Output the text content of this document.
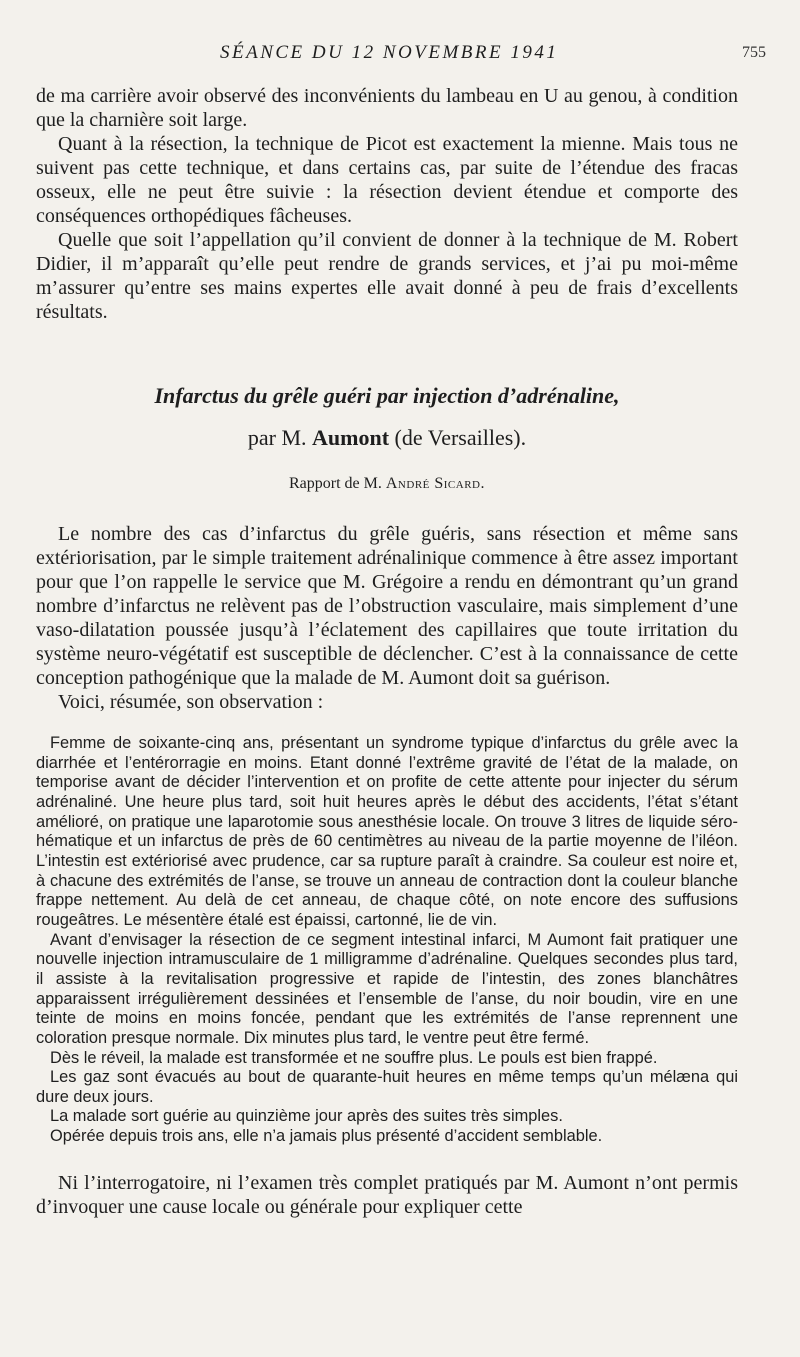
SÉANCE DU 12 NOVEMBRE 1941	755

de ma carrière avoir observé des inconvénients du lambeau en U au genou, à condition que la charnière soit large.

Quant à la résection, la technique de Picot est exactement la mienne. Mais tous ne suivent pas cette technique, et dans certains cas, par suite de l’étendue des fracas osseux, elle ne peut être suivie : la résection devient étendue et comporte des conséquences orthopédiques fâcheuses.

Quelle que soit l’appellation qu’il convient de donner à la technique de M. Robert Didier, il m’apparaît qu’elle peut rendre de grands services, et j’ai pu moi-même m’assurer qu’entre ses mains expertes elle avait donné à peu de frais d’excellents résultats.

Infarctus du grêle guéri par injection d’adrénaline,
par M. Aumont (de Versailles).
Rapport de M. André Sicard.

Le nombre des cas d’infarctus du grêle guéris, sans résection et même sans extériorisation, par le simple traitement adrénalinique commence à être assez important pour que l’on rappelle le service que M. Grégoire a rendu en démontrant qu’un grand nombre d’infarctus ne relèvent pas de l’obstruction vasculaire, mais simplement d’une vaso-dilatation poussée jusqu’à l’éclatement des capillaires que toute irritation du système neuro-végétatif est susceptible de déclencher. C’est à la connaissance de cette conception pathogénique que la malade de M. Aumont doit sa guérison.

Voici, résumée, son observation :

Femme de soixante-cinq ans, présentant un syndrome typique d’infarctus du grêle avec la diarrhée et l’entérorragie en moins. Etant donné l’extrême gravité de l’état de la malade, on temporise avant de décider l’intervention et on profite de cette attente pour injecter du sérum adrénaliné. Une heure plus tard, soit huit heures après le début des accidents, l’état s’étant amélioré, on pratique une laparotomie sous anesthésie locale. On trouve 3 litres de liquide séro-hématique et un infarctus de près de 60 centimètres au niveau de la partie moyenne de l’iléon. L’intestin est extériorisé avec prudence, car sa rupture paraît à craindre. Sa couleur est noire et, à chacune des extrémités de l’anse, se trouve un anneau de contraction dont la couleur blanche frappe nettement. Au delà de cet anneau, de chaque côté, on note encore des suffusions rougeâtres. Le mésentère étalé est épaissi, cartonné, lie de vin.

Avant d’envisager la résection de ce segment intestinal infarci, M Aumont fait pratiquer une nouvelle injection intramusculaire de 1 milligramme d’adrénaline. Quelques secondes plus tard, il assiste à la revitalisation progressive et rapide de l’intestin, des zones blanchâtres apparaissent irrégulièrement dessinées et l’ensemble de l’anse, du noir boudin, vire en une teinte de moins en moins foncée, pendant que les extrémités de l’anse reprennent une coloration presque normale. Dix minutes plus tard, le ventre peut être fermé.

Dès le réveil, la malade est transformée et ne souffre plus. Le pouls est bien frappé.

Les gaz sont évacués au bout de quarante-huit heures en même temps qu’un mélæna qui dure deux jours.

La malade sort guérie au quinzième jour après des suites très simples.

Opérée depuis trois ans, elle n’a jamais plus présenté d’accident semblable.

Ni l’interrogatoire, ni l’examen très complet pratiqués par M. Aumont n’ont permis d’invoquer une cause locale ou générale pour expliquer cette
